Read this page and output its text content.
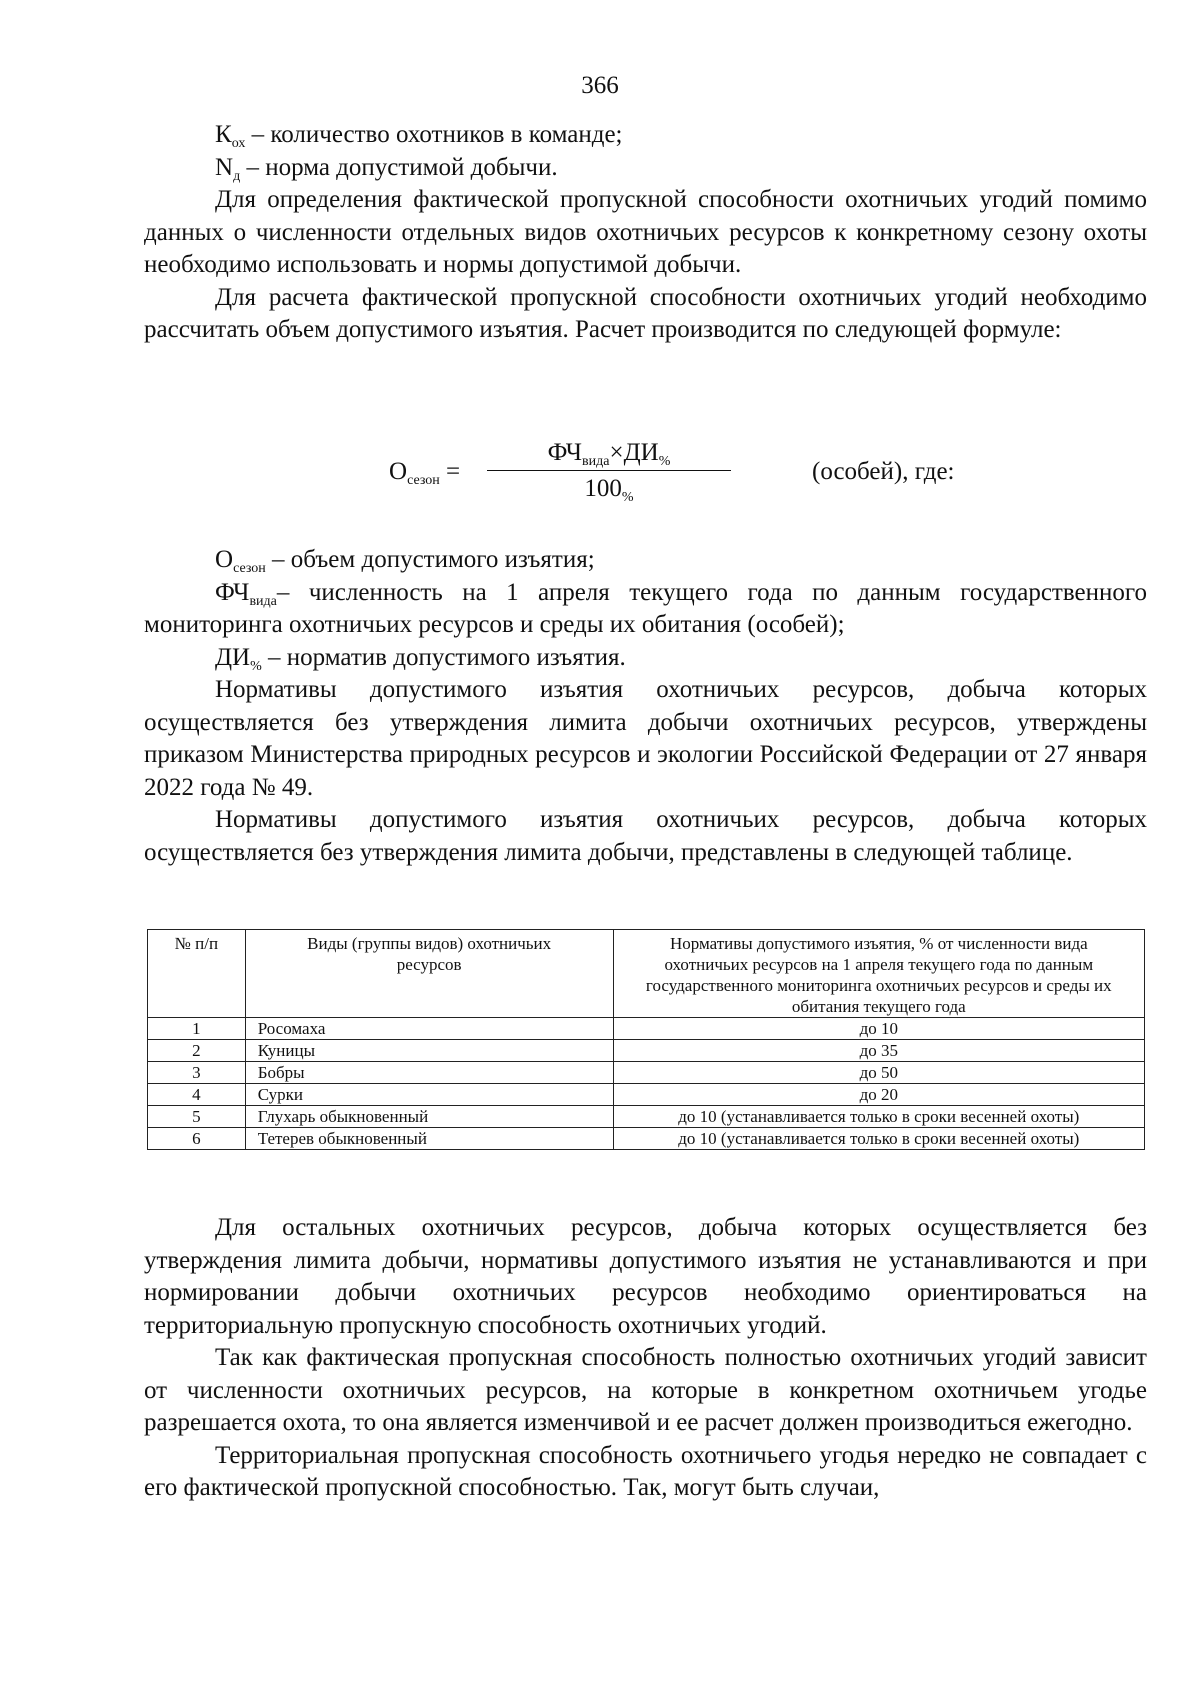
366

$К_{ох}$ – количество охотников в команде;

$N_д$ – норма допустимой добычи.

Для определения фактической пропускной способности охотничьих угодий помимо данных о численности отдельных видов охотничьих ресурсов к конкретному сезону охоты необходимо использовать и нормы допустимой добычи.

Для расчета фактической пропускной способности охотничьих угодий необходимо рассчитать объем допустимого изъятия. Расчет производится по следующей формуле:

$О_{сезон}$ =
$ФЧ_{вида}\times ДИ_{\%}$
$100_{\%}$
(особей), где:

$О_{сезон}$ – объем допустимого изъятия;

$ФЧ_{вида}-$ численность на 1 апреля текущего года по данным государственного мониторинга охотничьих ресурсов и среды их обитания (особей);

$ДИ_{\%}$ – норматив допустимого изъятия.

Нормативы допустимого изъятия охотничьих ресурсов, добыча которых осуществляется без утверждения лимита добычи охотничьих ресурсов, утверждены приказом Министерства природных ресурсов и экологии Российской Федерации от 27 января 2022 года № 49.

Нормативы допустимого изъятия охотничьих ресурсов, добыча которых осуществляется без утверждения лимита добычи, представлены в следующей таблице.

№ п/п	Виды (группы видов) охотничьих ресурсов	Нормативы допустимого изъятия, % от численности вида охотничьих ресурсов на 1 апреля текущего года по данным государственного мониторинга охотничьих ресурсов и среды их обитания текущего года
1	Росомаха	до 10
2	Куницы	до 35
3	Бобры	до 50
4	Сурки	до 20
5	Глухарь обыкновенный	до 10 (устанавливается только в сроки весенней охоты)
6	Тетерев обыкновенный	до 10 (устанавливается только в сроки весенней охоты)

Для остальных охотничьих ресурсов, добыча которых осуществляется без утверждения лимита добычи, нормативы допустимого изъятия не устанавливаются и при нормировании добычи охотничьих ресурсов необходимо ориентироваться на территориальную пропускную способность охотничьих угодий.

Так как фактическая пропускная способность полностью охотничьих угодий зависит от численности охотничьих ресурсов, на которые в конкретном охотничьем угодье разрешается охота, то она является изменчивой и ее расчет должен производиться ежегодно.

Территориальная пропускная способность охотничьего угодья нередко не совпадает с его фактической пропускной способностью. Так, могут быть случаи,
